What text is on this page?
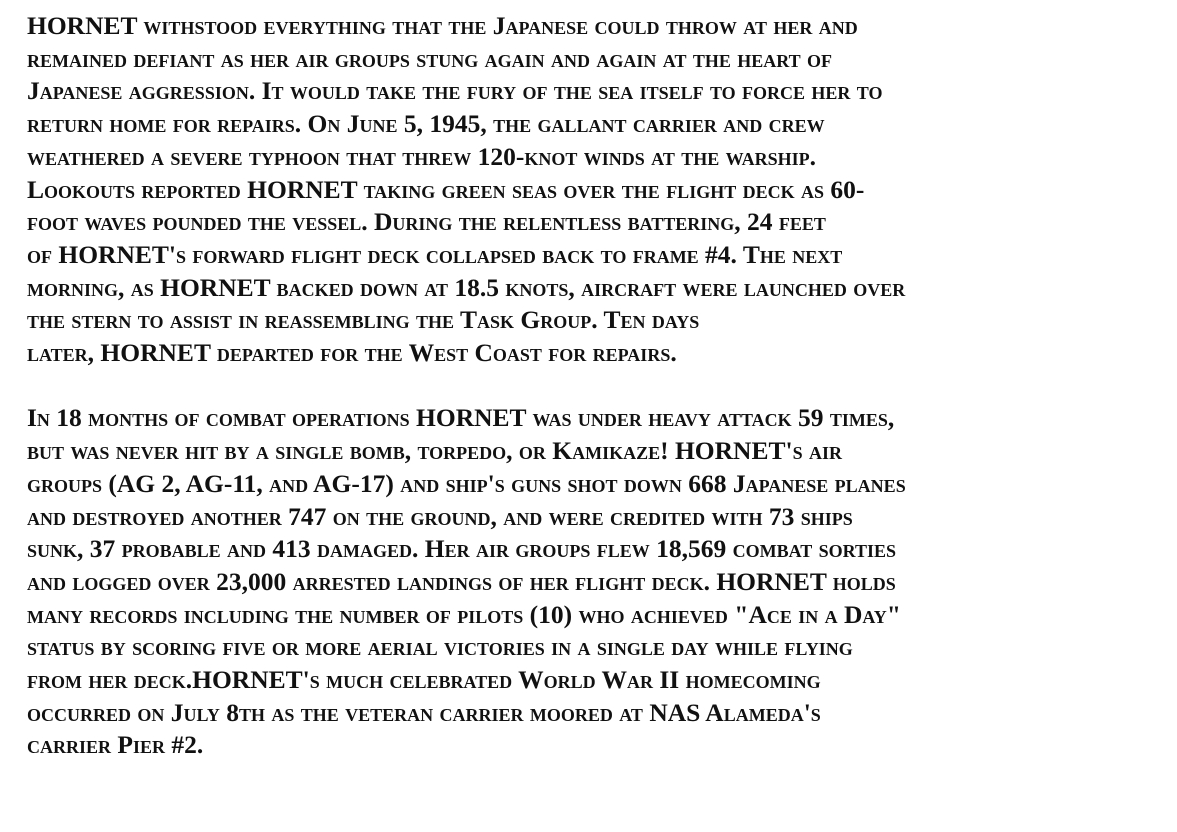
HORNET withstood everything that the Japanese could throw at her and
remained defiant as her air groups stung again and again at the heart of
Japanese aggression. It would take the fury of the sea itself to force her to
return home for repairs. On June 5, 1945, the gallant carrier and crew
weathered a severe typhoon that threw 120-knot winds at the warship.
Lookouts reported HORNET taking green seas over the flight deck as 60-
foot waves pounded the vessel. During the relentless battering, 24 feet
of HORNET's forward flight deck collapsed back to frame #4. The next
morning, as HORNET backed down at 18.5 knots, aircraft were launched over
the stern to assist in reassembling the Task Group. Ten days
later, HORNET departed for the West Coast for repairs.
In 18 months of combat operations HORNET was under heavy attack 59 times,
but was never hit by a single bomb, torpedo, or Kamikaze! HORNET's air
groups (AG 2, AG-11, and AG-17) and ship's guns shot down 668 Japanese planes
and destroyed another 747 on the ground, and were credited with 73 ships
sunk, 37 probable and 413 damaged. Her air groups flew 18,569 combat sorties
and logged over 23,000 arrested landings of her flight deck. HORNET holds
many records including the number of pilots (10) who achieved "Ace in a Day"
status by scoring five or more aerial victories in a single day while flying
from her deck.HORNET's much celebrated World War II homecoming
occurred on July 8th as the veteran carrier moored at NAS Alameda's
carrier Pier #2.
